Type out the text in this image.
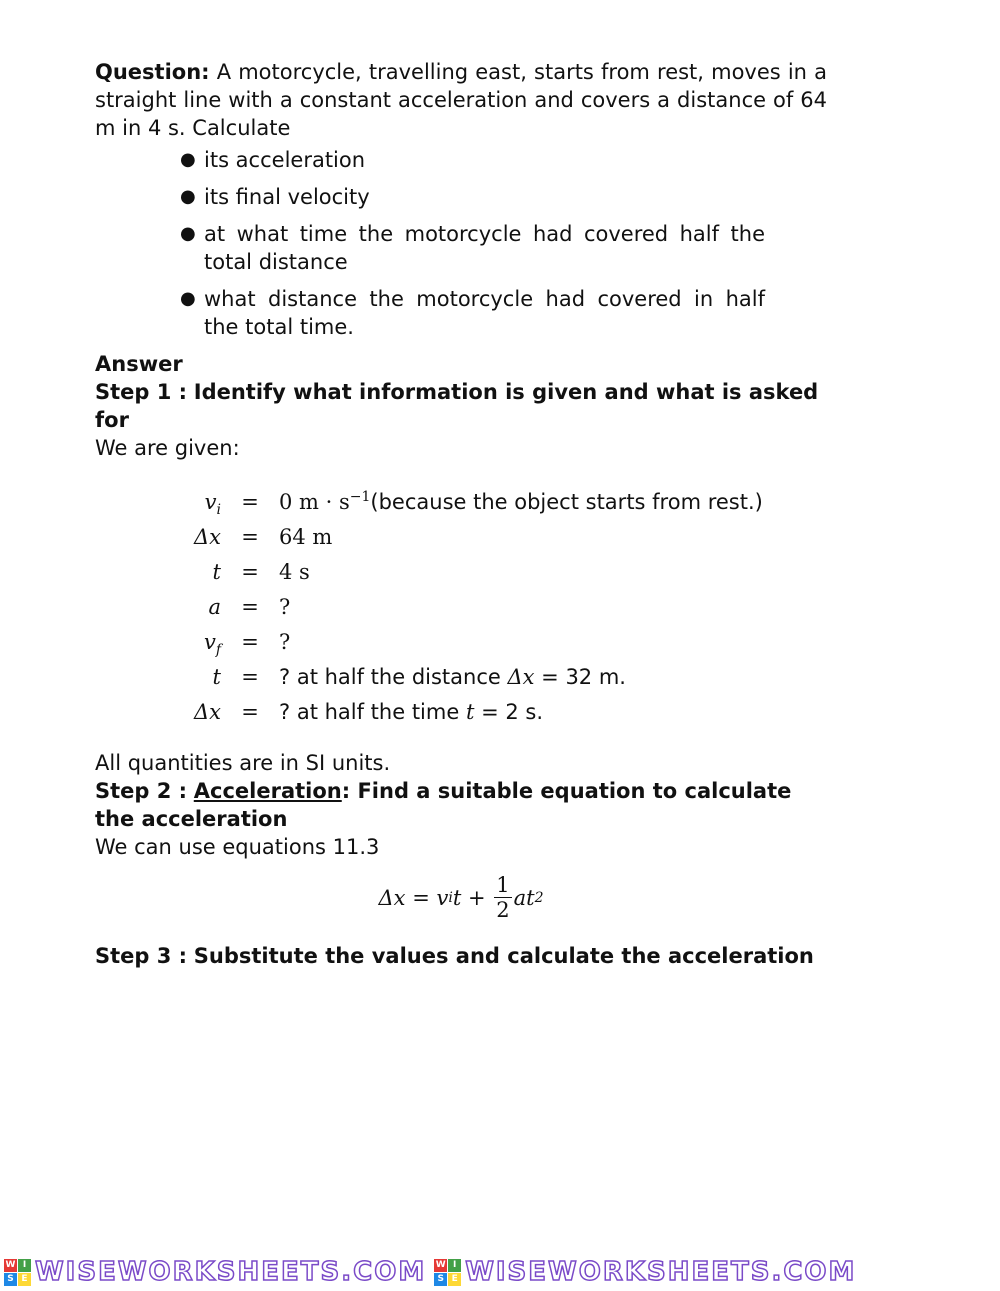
Question: A motorcycle, travelling east, starts from rest, moves in a straight line with a constant acceleration and covers a distance of 64 m in 4 s. Calculate

● its acceleration
● its final velocity
● at what time the motorcycle had covered half the total distance
● what distance the motorcycle had covered in half the total time.

Answer

Step 1 : Identify what information is given and what is asked for

We are given:

$v_i$	=	0 $m \cdot s^{-1}(because$ the object starts from rest.)
Δx	=	64 m
t	=	4 s
a	=	?
$v_f$	=	?
t	=	? at half the distance Δx = 32 m.
Δx	=	? at half the time t = 2 s.

All quantities are in SI units.

Step 2 : Acceleration: Find a suitable equation to calculate the acceleration

We can use equations 11.3

Δx = v i $t + \frac{1}{2}$ at 2

Step 3 : Substitute the values and calculate the acceleration

W I
S E WISEWORKSHEETS.COM W I
S E WISEWORKSHEETS.COM
